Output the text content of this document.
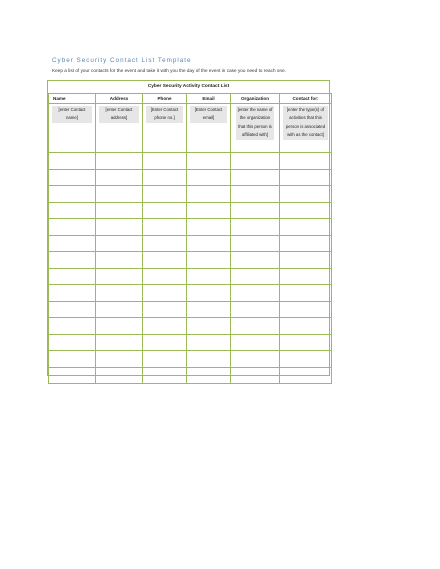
Cyber Security Contact List Template
Keep a list of your contacts for the event and take it with you the day of the event in case you need to reach one.
Cyber Security Activity Contact List
Name	Address	Phone	Email	Organization	Contact for:

[enter Contact name]	[enter Contact address]	[Enter Contact phone no.]	[Enter Contact email]	[enter the name of the organization that this person is affiliated with]	[enter the type(s) of activities that this person is associated with as the contact]
